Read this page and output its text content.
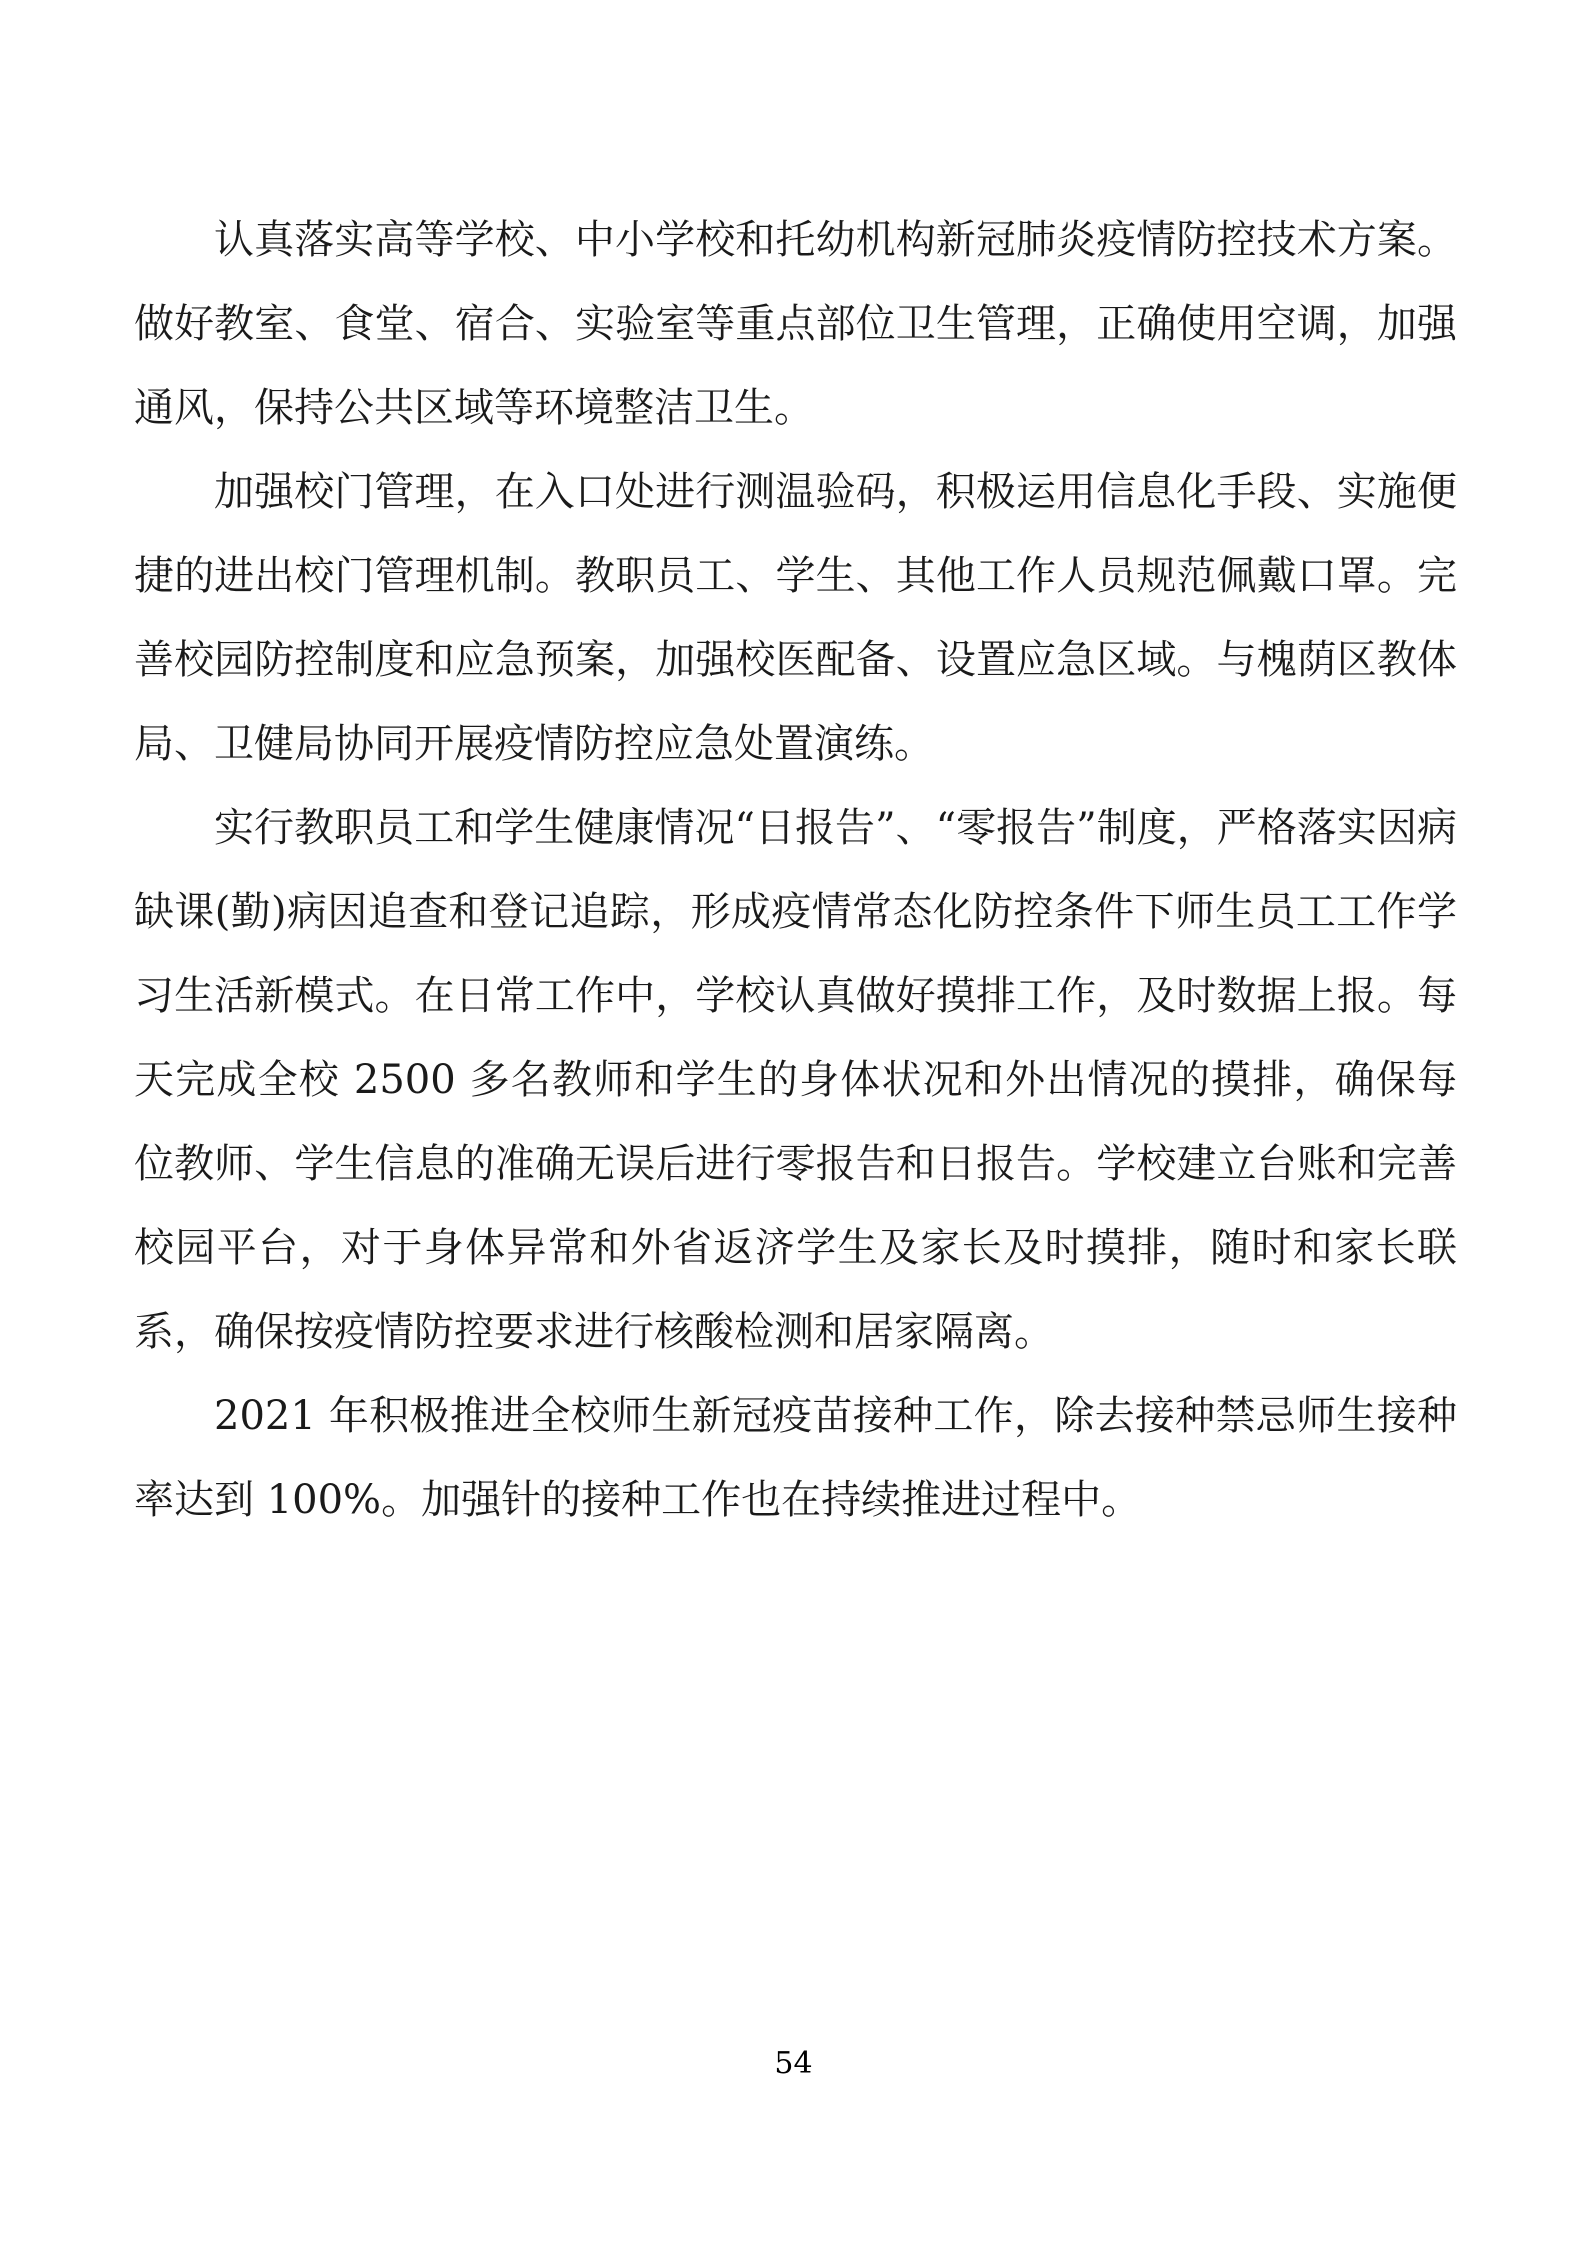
认真落实高等学校、中小学校和托幼机构新冠肺炎疫情防控技术方案。做好教室、食堂、宿合、实验室等重点部位卫生管理，正确使用空调，加强通风，保持公共区域等环境整洁卫生。

加强校门管理，在入口处进行测温验码，积极运用信息化手段、实施便捷的进出校门管理机制。教职员工、学生、其他工作人员规范佩戴口罩。完善校园防控制度和应急预案，加强校医配备、设置应急区域。与槐荫区教体局、卫健局协同开展疫情防控应急处置演练。

实行教职员工和学生健康情况“日报告”、“零报告”制度，严格落实因病缺课(勤)病因追查和登记追踪，形成疫情常态化防控条件下师生员工工作学习生活新模式。在日常工作中，学校认真做好摸排工作，及时数据上报。每天完成全校 2500 多名教师和学生的身体状况和外出情况的摸排，确保每位教师、学生信息的准确无误后进行零报告和日报告。学校建立台账和完善校园平台，对于身体异常和外省返济学生及家长及时摸排，随时和家长联系，确保按疫情防控要求进行核酸检测和居家隔离。

2021 年积极推进全校师生新冠疫苗接种工作，除去接种禁忌师生接种率达到 100%。加强针的接种工作也在持续推进过程中。

54
